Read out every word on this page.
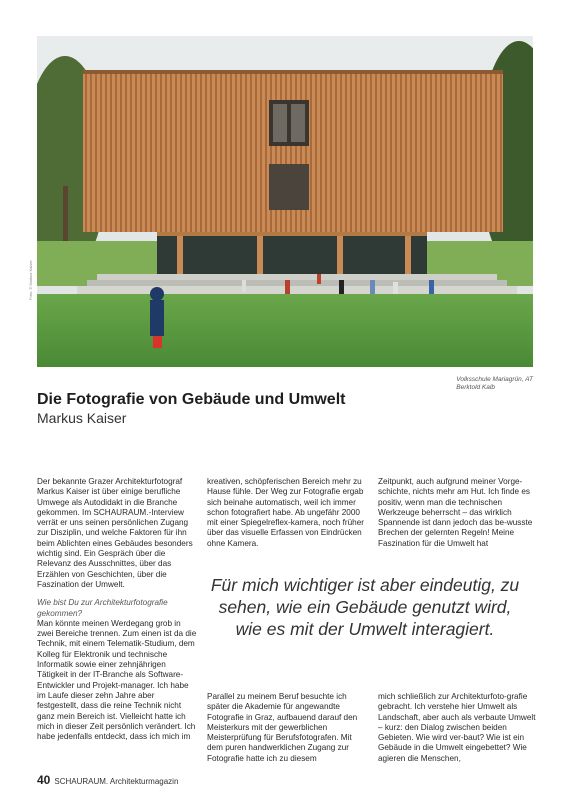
Foto: © Markus Kaiser
Volksschule Mariagrün, AT
Berktold Kalb
Die Fotografie von Gebäude und Umwelt
Markus Kaiser

Der bekannte Grazer Architekturfotograf Markus Kaiser ist über einige berufliche Umwege als Autodidakt in die Branche gekommen. Im SCHAURAUM.-Interview verrät er uns seinen persönlichen Zugang zur Disziplin, und welche Faktoren für ihn beim Ablichten eines Gebäudes besonders wichtig sind. Ein Gespräch über die Relevanz des Ausschnittes, über das Erzählen von Geschichten, über die Faszination der Umwelt.

Wie bist Du zur Architekturfotografie gekommen?

Man könnte meinen Werdegang grob in zwei Bereiche trennen. Zum einen ist da die Technik, mit einem Telematik-Studium, dem Kolleg für Elektronik und technische Informatik sowie einer zehnjährigen Tätigkeit in der IT-Branche als Software-Entwickler und Projekt-manager. Ich habe im Laufe dieser zehn Jahre aber festgestellt, dass die reine Technik nicht ganz mein Bereich ist. Vielleicht hatte ich mich in dieser Zeit persönlich verändert. Ich habe jedenfalls entdeckt, dass ich mich im

kreativen, schöpferischen Bereich mehr zu Hause fühle. Der Weg zur Fotografie ergab sich beinahe automatisch, weil ich immer schon fotografiert habe. Ab ungefähr 2000 mit einer Spiegelreflex-kamera, noch früher über das visuelle Erfassen von Eindrücken ohne Kamera.

Parallel zu meinem Beruf besuchte ich später die Akademie für angewandte Fotografie in Graz, aufbauend darauf den Meisterkurs mit der gewerblichen Meisterprüfung für Berufsfotografen. Mit dem puren handwerklichen Zugang zur Fotografie hatte ich zu diesem

Zeitpunkt, auch aufgrund meiner Vorge-schichte, nichts mehr am Hut. Ich finde es positiv, wenn man die technischen Werkzeuge beherrscht – das wirklich Spannende ist dann jedoch das be-wusste Brechen der gelernten Regeln! Meine Faszination für die Umwelt hat

mich schließlich zur Architekturfoto-grafie gebracht. Ich verstehe hier Umwelt als Landschaft, aber auch als verbaute Umwelt – kurz: den Dialog zwischen beiden Gebieten. Wie wird ver-baut? Wie ist ein Gebäude in die Umwelt eingebettet? Wie agieren die Menschen,

Für mich wichtiger ist aber eindeutig, zu sehen, wie ein Gebäude genutzt wird, wie es mit der Umwelt interagiert.
40 SCHAURAUM. Architekturmagazin
